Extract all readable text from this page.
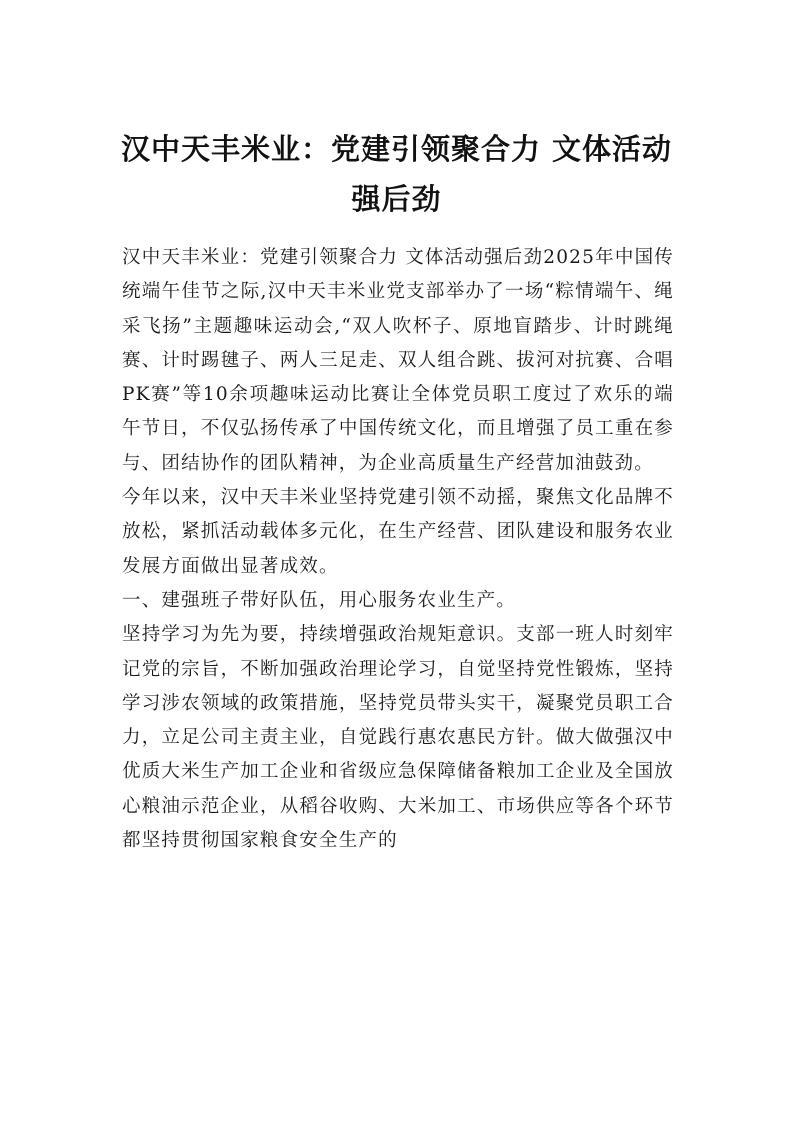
汉中天丰米业：党建引领聚合力 文体活动强后劲

汉中天丰米业：党建引领聚合力 文体活动强后劲2025年中国传统端午佳节之际,汉中天丰米业党支部举办了一场“粽情端午、绳采飞扬”主题趣味运动会,“双人吹杯子、原地盲踏步、计时跳绳赛、计时踢毽子、两人三足走、双人组合跳、拔河对抗赛、合唱PK赛”等10余项趣味运动比赛让全体党员职工度过了欢乐的端午节日，不仅弘扬传承了中国传统文化，而且增强了员工重在参与、团结协作的团队精神，为企业高质量生产经营加油鼓劲。

今年以来，汉中天丰米业坚持党建引领不动摇，聚焦文化品牌不放松，紧抓活动载体多元化，在生产经营、团队建设和服务农业发展方面做出显著成效。

一、建强班子带好队伍，用心服务农业生产。

坚持学习为先为要，持续增强政治规矩意识。支部一班人时刻牢记党的宗旨，不断加强政治理论学习，自觉坚持党性锻炼，坚持学习涉农领域的政策措施，坚持党员带头实干，凝聚党员职工合力，立足公司主责主业，自觉践行惠农惠民方针。做大做强汉中优质大米生产加工企业和省级应急保障储备粮加工企业及全国放心粮油示范企业，从稻谷收购、大米加工、市场供应等各个环节都坚持贯彻国家粮食安全生产的
